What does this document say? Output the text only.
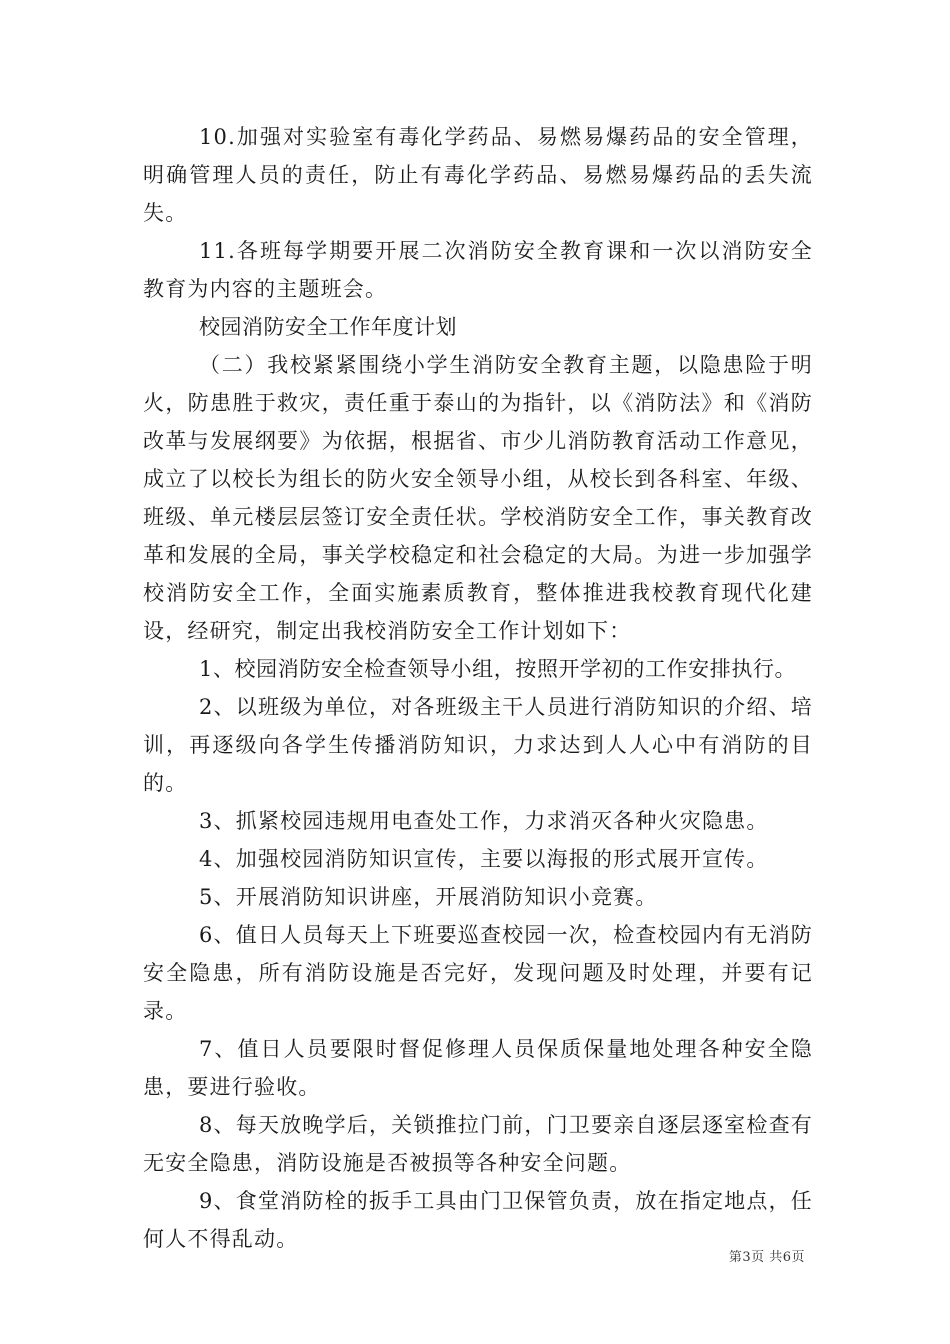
10.加强对实验室有毒化学药品、易燃易爆药品的安全管理，明确管理人员的责任，防止有毒化学药品、易燃易爆药品的丢失流失。

11.各班每学期要开展二次消防安全教育课和一次以消防安全教育为内容的主题班会。

校园消防安全工作年度计划

（二）我校紧紧围绕小学生消防安全教育主题，以隐患险于明火，防患胜于救灾，责任重于泰山的为指针，以《消防法》和《消防改革与发展纲要》为依据，根据省、市少儿消防教育活动工作意见，成立了以校长为组长的防火安全领导小组，从校长到各科室、年级、班级、单元楼层层签订安全责任状。学校消防安全工作，事关教育改革和发展的全局，事关学校稳定和社会稳定的大局。为进一步加强学校消防安全工作，全面实施素质教育，整体推进我校教育现代化建设，经研究，制定出我校消防安全工作计划如下：

1、校园消防安全检查领导小组，按照开学初的工作安排执行。

2、以班级为单位，对各班级主干人员进行消防知识的介绍、培训，再逐级向各学生传播消防知识，力求达到人人心中有消防的目的。

3、抓紧校园违规用电查处工作，力求消灭各种火灾隐患。

4、加强校园消防知识宣传，主要以海报的形式展开宣传。

5、开展消防知识讲座，开展消防知识小竞赛。

6、值日人员每天上下班要巡查校园一次，检查校园内有无消防安全隐患，所有消防设施是否完好，发现问题及时处理，并要有记录。

7、值日人员要限时督促修理人员保质保量地处理各种安全隐患，要进行验收。

8、每天放晚学后，关锁推拉门前，门卫要亲自逐层逐室检查有无安全隐患，消防设施是否被损等各种安全问题。

9、食堂消防栓的扳手工具由门卫保管负责，放在指定地点，任何人不得乱动。

第3页 共6页
